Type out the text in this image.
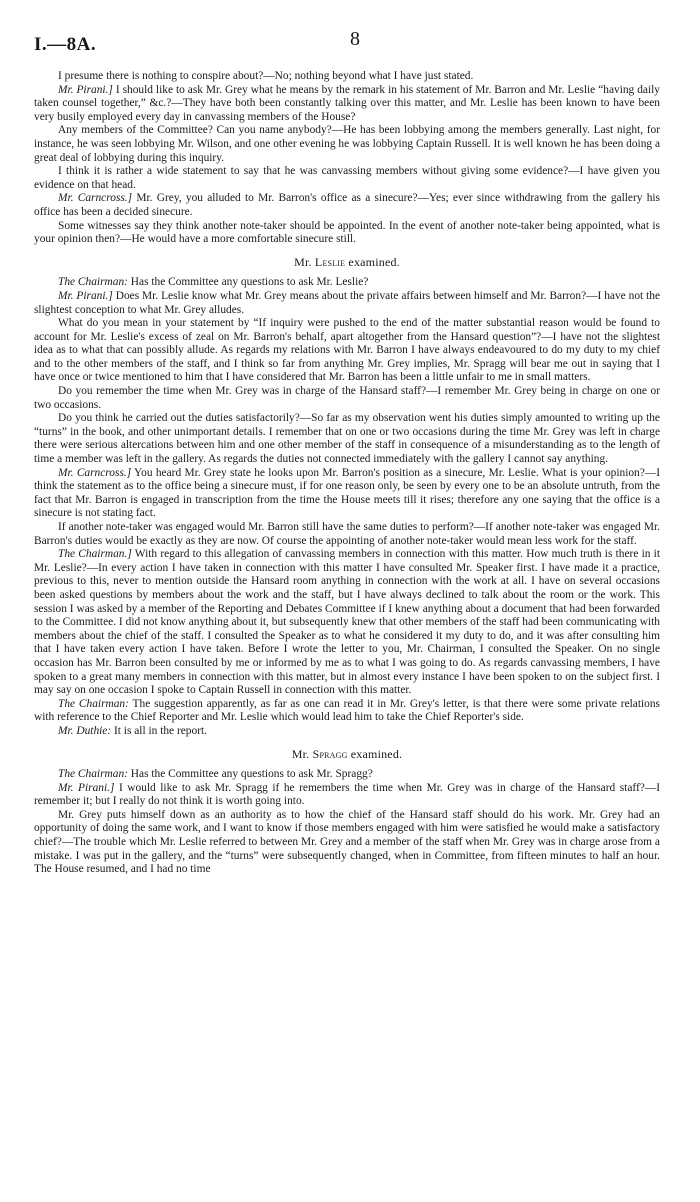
I.—8A.	8

I presume there is nothing to conspire about?—No; nothing beyond what I have just stated.

Mr. Pirani.] I should like to ask Mr. Grey what he means by the remark in his statement of Mr. Barron and Mr. Leslie “having daily taken counsel together,” &c.?—They have both been constantly talking over this matter, and Mr. Leslie has been known to have been very busily employed every day in canvassing members of the House?

Any members of the Committee? Can you name anybody?—He has been lobbying among the members generally. Last night, for instance, he was seen lobbying Mr. Wilson, and one other evening he was lobbying Captain Russell. It is well known he has been doing a great deal of lobbying during this inquiry.

I think it is rather a wide statement to say that he was canvassing members without giving some evidence?—I have given you evidence on that head.

Mr. Carncross.] Mr. Grey, you alluded to Mr. Barron's office as a sinecure?—Yes; ever since withdrawing from the gallery his office has been a decided sinecure.

Some witnesses say they think another note-taker should be appointed. In the event of another note-taker being appointed, what is your opinion then?—He would have a more comfortable sinecure still.

Mr. Leslie examined.

The Chairman: Has the Committee any questions to ask Mr. Leslie?

Mr. Pirani.] Does Mr. Leslie know what Mr. Grey means about the private affairs between himself and Mr. Barron?—I have not the slightest conception to what Mr. Grey alludes.

What do you mean in your statement by “If inquiry were pushed to the end of the matter substantial reason would be found to account for Mr. Leslie's excess of zeal on Mr. Barron's behalf, apart altogether from the Hansard question”?—I have not the slightest idea as to what that can possibly allude. As regards my relations with Mr. Barron I have always endeavoured to do my duty to my chief and to the other members of the staff, and I think so far from anything Mr. Grey implies, Mr. Spragg will bear me out in saying that I have once or twice mentioned to him that I have considered that Mr. Barron has been a little unfair to me in small matters.

Do you remember the time when Mr. Grey was in charge of the Hansard staff?—I remember Mr. Grey being in charge on one or two occasions.

Do you think he carried out the duties satisfactorily?—So far as my observation went his duties simply amounted to writing up the “turns” in the book, and other unimportant details. I remember that on one or two occasions during the time Mr. Grey was left in charge there were serious altercations between him and one other member of the staff in consequence of a misunderstanding as to the length of time a member was left in the gallery. As regards the duties not connected immediately with the gallery I cannot say anything.

Mr. Carncross.] You heard Mr. Grey state he looks upon Mr. Barron's position as a sinecure, Mr. Leslie. What is your opinion?—I think the statement as to the office being a sinecure must, if for one reason only, be seen by every one to be an absolute untruth, from the fact that Mr. Barron is engaged in transcription from the time the House meets till it rises; therefore any one saying that the office is a sinecure is not stating fact.

If another note-taker was engaged would Mr. Barron still have the same duties to perform?—If another note-taker was engaged Mr. Barron's duties would be exactly as they are now. Of course the appointing of another note-taker would mean less work for the staff.

The Chairman.] With regard to this allegation of canvassing members in connection with this matter. How much truth is there in it Mr. Leslie?—In every action I have taken in connection with this matter I have consulted Mr. Speaker first. I have made it a practice, previous to this, never to mention outside the Hansard room anything in connection with the work at all. I have on several occasions been asked questions by members about the work and the staff, but I have always declined to talk about the room or the work. This session I was asked by a member of the Reporting and Debates Committee if I knew anything about a document that had been forwarded to the Committee. I did not know anything about it, but subsequently knew that other members of the staff had been communicating with members about the chief of the staff. I consulted the Speaker as to what he considered it my duty to do, and it was after consulting him that I have taken every action I have taken. Before I wrote the letter to you, Mr. Chairman, I consulted the Speaker. On no single occasion has Mr. Barron been consulted by me or informed by me as to what I was going to do. As regards canvassing members, I have spoken to a great many members in connection with this matter, but in almost every instance I have been spoken to on the subject first. I may say on one occasion I spoke to Captain Russell in connection with this matter.

The Chairman: The suggestion apparently, as far as one can read it in Mr. Grey's letter, is that there were some private relations with reference to the Chief Reporter and Mr. Leslie which would lead him to take the Chief Reporter's side.

Mr. Duthie: It is all in the report.

Mr. Spragg examined.

The Chairman: Has the Committee any questions to ask Mr. Spragg?

Mr. Pirani.] I would like to ask Mr. Spragg if he remembers the time when Mr. Grey was in charge of the Hansard staff?—I remember it; but I really do not think it is worth going into.

Mr. Grey puts himself down as an authority as to how the chief of the Hansard staff should do his work. Mr. Grey had an opportunity of doing the same work, and I want to know if those members engaged with him were satisfied he would make a satisfactory chief?—The trouble which Mr. Leslie referred to between Mr. Grey and a member of the staff when Mr. Grey was in charge arose from a mistake. I was put in the gallery, and the “turns” were subsequently changed, when in Committee, from fifteen minutes to half an hour. The House resumed, and I had no time
